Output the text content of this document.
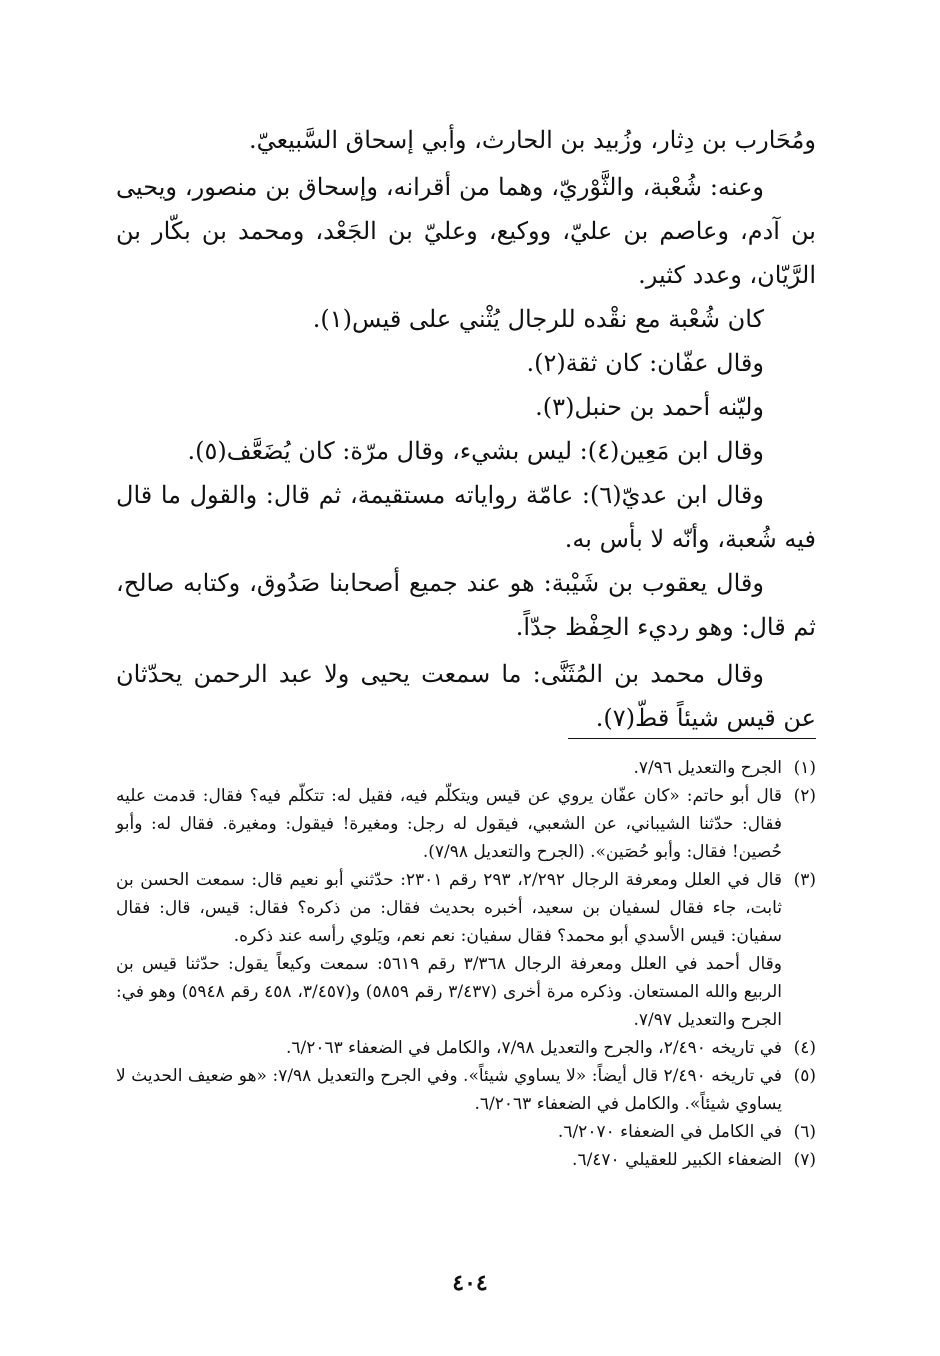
ومُحَارب بن دِثار، وزُبيد بن الحارث، وأبي إسحاق السَّبيعيّ.

وعنه: شُعْبة، والثَّوْريّ، وهما من أقرانه، وإسحاق بن منصور، ويحيى بن آدم، وعاصم بن عليّ، ووكيع، وعليّ بن الجَعْد، ومحمد بن بكّار بن الرَّيّان، وعدد كثير.

كان شُعْبة مع نقْده للرجال يُثْني على قيس(١).

وقال عفّان: كان ثقة(٢).

وليّنه أحمد بن حنبل(٣).

وقال ابن مَعِين(٤): ليس بشيء، وقال مرّة: كان يُضَعَّف(٥).

وقال ابن عديّ(٦): عامّة رواياته مستقيمة، ثم قال: والقول ما قال فيه شُعبة، وأنّه لا بأس به.

وقال يعقوب بن شَيْبة: هو عند جميع أصحابنا صَدُوق، وكتابه صالح، ثم قال: وهو رديء الحِفْظ جدّاً.

وقال محمد بن المُثَنَّى: ما سمعت يحيى ولا عبد الرحمن يحدّثان عن قيس شيئاً قطّ(٧).

(١)
الجرح والتعديل ٧/٩٦.
(٢)
قال أبو حاتم: «كان عفّان يروي عن قيس ويتكلّم فيه، فقيل له: تتكلّم فيه؟ فقال: قدمت عليه فقال: حدّثنا الشيباني، عن الشعبي، فيقول له رجل: ومغيرة! فيقول: ومغيرة. فقال له: وأبو حُصين! فقال: وأبو حُصَين». (الجرح والتعديل ٧/٩٨).
(٣)
قال في العلل ومعرفة الرجال ٢/٢٩٢، ٢٩٣ رقم ٢٣٠١: حدّثني أبو نعيم قال: سمعت الحسن بن ثابت، جاء فقال لسفيان بن سعيد، أخبره بحديث فقال: من ذكره؟ فقال: قيس، قال: فقال سفيان: قيس الأسدي أبو محمد؟ فقال سفيان: نعم نعم، ويَلوي رأسه عند ذكره.
وقال أحمد في العلل ومعرفة الرجال ٣/٣٦٨ رقم ٥٦١٩: سمعت وكيعاً يقول: حدّثنا قيس بن الربيع والله المستعان. وذكره مرة أخرى (٣/٤٣٧ رقم ٥٨٥٩) و(٣/٤٥٧، ٤٥٨ رقم ٥٩٤٨) وهو في: الجرح والتعديل ٧/٩٧.
(٤)
في تاريخه ٢/٤٩٠، والجرح والتعديل ٧/٩٨، والكامل في الضعفاء ٦/٢٠٦٣.
(٥)
في تاريخه ٢/٤٩٠ قال أيضاً: «لا يساوي شيئاً». وفي الجرح والتعديل ٧/٩٨: «هو ضعيف الحديث لا يساوي شيئاً». والكامل في الضعفاء ٦/٢٠٦٣.
(٦)
في الكامل في الضعفاء ٦/٢٠٧٠.
(٧)
الضعفاء الكبير للعقيلي ٦/٤٧٠.
٤٠٤
